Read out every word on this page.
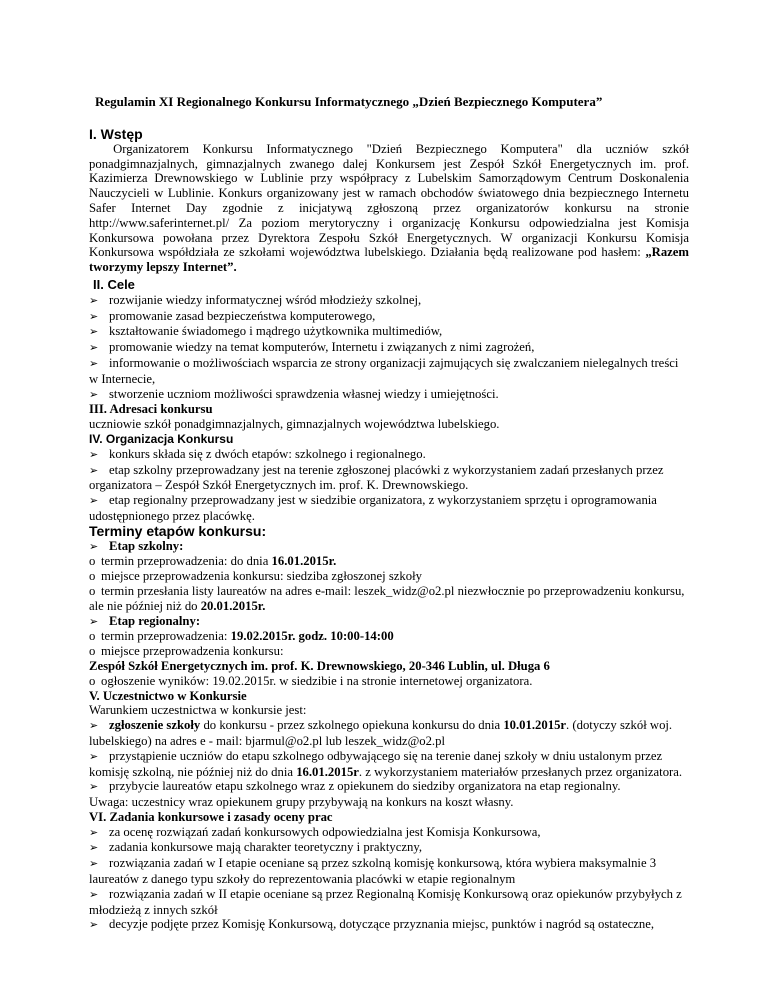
Regulamin XI Regionalnego Konkursu Informatycznego „Dzień Bezpiecznego Komputera”
I. Wstęp
Organizatorem Konkursu Informatycznego "Dzień Bezpiecznego Komputera" dla uczniów szkół ponadgimnazjalnych, gimnazjalnych zwanego dalej Konkursem jest Zespół Szkół Energetycznych im. prof. Kazimierza Drewnowskiego w Lublinie przy współpracy z Lubelskim Samorządowym Centrum Doskonalenia Nauczycieli w Lublinie. Konkurs organizowany jest w ramach obchodów światowego dnia bezpiecznego Internetu Safer Internet Day zgodnie z inicjatywą zgłoszoną przez organizatorów konkursu na stronie http://www.saferinternet.pl/ Za poziom merytoryczny i organizację Konkursu odpowiedzialna jest Komisja Konkursowa powołana przez Dyrektora Zespołu Szkół Energetycznych. W organizacji Konkursu Komisja Konkursowa współdziała ze szkołami województwa lubelskiego. Działania będą realizowane pod hasłem: „Razem tworzymy lepszy Internet”.
II. Cele
➢ rozwijanie wiedzy informatycznej wśród młodzieży szkolnej,
➢ promowanie zasad bezpieczeństwa komputerowego,
➢ kształtowanie świadomego i mądrego użytkownika multimediów,
➢ promowanie wiedzy na temat komputerów, Internetu i związanych z nimi zagrożeń,
➢ informowanie o możliwościach wsparcia ze strony organizacji zajmujących się zwalczaniem nielegalnych treści w Internecie,
➢ stworzenie uczniom możliwości sprawdzenia własnej wiedzy i umiejętności.
III. Adresaci konkursu
uczniowie szkół ponadgimnazjalnych, gimnazjalnych województwa lubelskiego.
IV. Organizacja Konkursu
➢ konkurs składa się z dwóch etapów: szkolnego i regionalnego.
➢ etap szkolny przeprowadzany jest na terenie zgłoszonej placówki z wykorzystaniem zadań przesłanych przez organizatora – Zespół Szkół Energetycznych im. prof. K. Drewnowskiego.
➢ etap regionalny przeprowadzany jest w siedzibie organizatora, z wykorzystaniem sprzętu i oprogramowania udostępnionego przez placówkę.
Terminy etapów konkursu:
➢ Etap szkolny:
o termin przeprowadzenia: do dnia 16.01.2015r.
o miejsce przeprowadzenia konkursu: siedziba zgłoszonej szkoły
o termin przesłania listy laureatów na adres e-mail: leszek_widz@o2.pl niezwłocznie po przeprowadzeniu konkursu, ale nie później niż do 20.01.2015r.
➢ Etap regionalny:
o termin przeprowadzenia: 19.02.2015r. godz. 10:00-14:00
o miejsce przeprowadzenia konkursu:
Zespół Szkół Energetycznych im. prof. K. Drewnowskiego, 20-346 Lublin, ul. Długa 6
o ogłoszenie wyników: 19.02.2015r. w siedzibie i na stronie internetowej organizatora.
V. Uczestnictwo w Konkursie
Warunkiem uczestnictwa w konkursie jest:
➢ zgłoszenie szkoły do konkursu - przez szkolnego opiekuna konkursu do dnia 10.01.2015r. (dotyczy szkół woj. lubelskiego) na adres e - mail: bjarmul@o2.pl lub leszek_widz@o2.pl
➢ przystąpienie uczniów do etapu szkolnego odbywającego się na terenie danej szkoły w dniu ustalonym przez komisję szkolną, nie później niż do dnia 16.01.2015r. z wykorzystaniem materiałów przesłanych przez organizatora.
➢ przybycie laureatów etapu szkolnego wraz z opiekunem do siedziby organizatora na etap regionalny.
Uwaga: uczestnicy wraz opiekunem grupy przybywają na konkurs na koszt własny.
VI. Zadania konkursowe i zasady oceny prac
➢ za ocenę rozwiązań zadań konkursowych odpowiedzialna jest Komisja Konkursowa,
➢ zadania konkursowe mają charakter teoretyczny i praktyczny,
➢ rozwiązania zadań w I etapie oceniane są przez szkolną komisję konkursową, która wybiera maksymalnie 3 laureatów z danego typu szkoły do reprezentowania placówki w etapie regionalnym
➢ rozwiązania zadań w II etapie oceniane są przez Regionalną Komisję Konkursową oraz opiekunów przybyłych z młodzieżą z innych szkół
➢ decyzje podjęte przez Komisję Konkursową, dotyczące przyznania miejsc, punktów i nagród są ostateczne,
